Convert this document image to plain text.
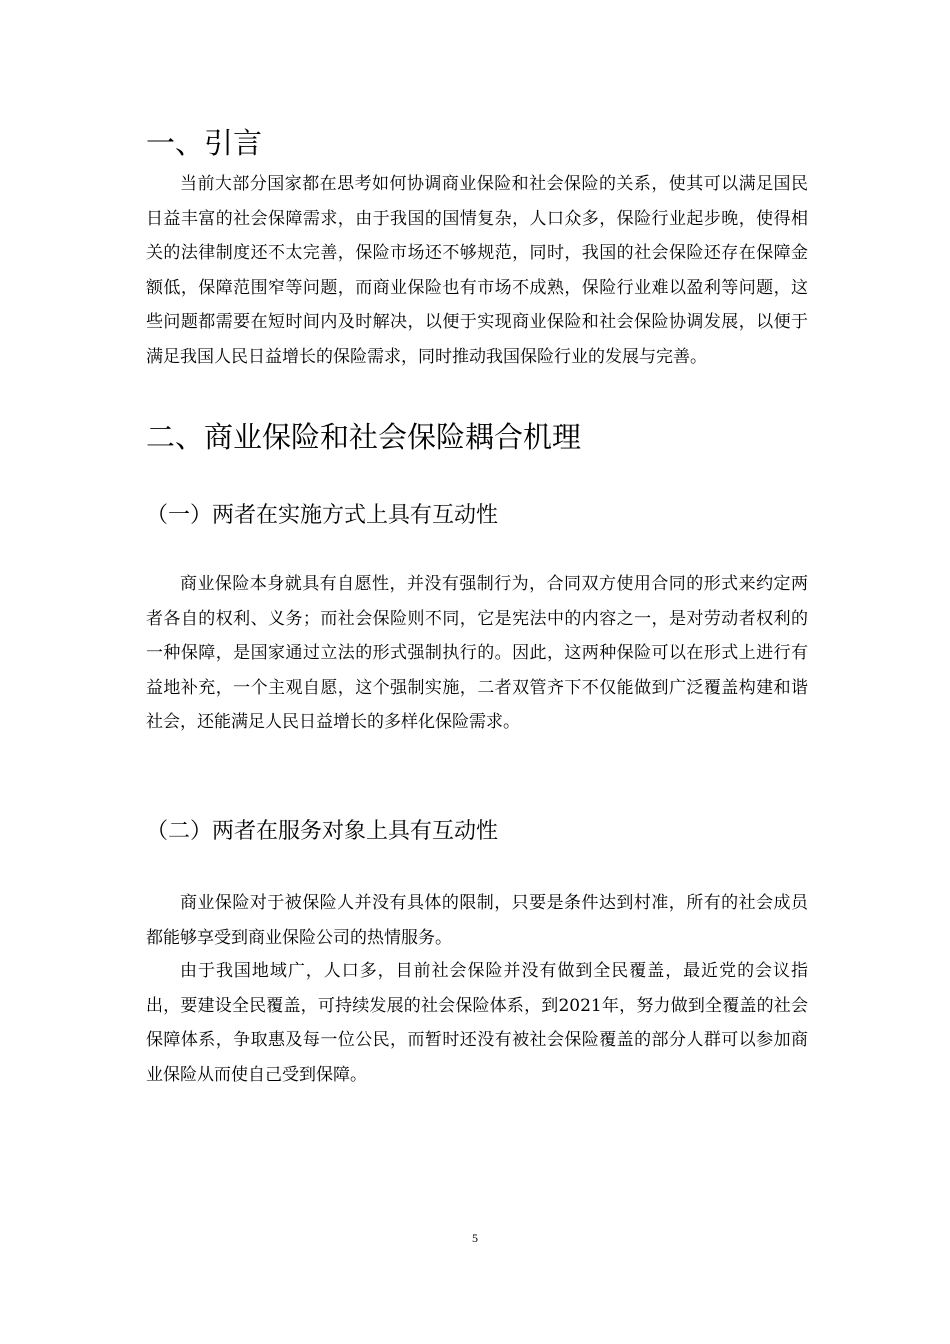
一、引言

当前大部分国家都在思考如何协调商业保险和社会保险的关系，使其可以满足国民日益丰富的社会保障需求，由于我国的国情复杂，人口众多，保险行业起步晚，使得相关的法律制度还不太完善，保险市场还不够规范，同时，我国的社会保险还存在保障金额低，保障范围窄等问题，而商业保险也有市场不成熟，保险行业难以盈利等问题，这些问题都需要在短时间内及时解决，以便于实现商业保险和社会保险协调发展，以便于满足我国人民日益增长的保险需求，同时推动我国保险行业的发展与完善。

二、商业保险和社会保险耦合机理
（一）两者在实施方式上具有互动性

商业保险本身就具有自愿性，并没有强制行为，合同双方使用合同的形式来约定两者各自的权利、义务；而社会保险则不同，它是宪法中的内容之一，是对劳动者权利的一种保障，是国家通过立法的形式强制执行的。因此，这两种保险可以在形式上进行有益地补充，一个主观自愿，这个强制实施，二者双管齐下不仅能做到广泛覆盖构建和谐社会，还能满足人民日益增长的多样化保险需求。

（二）两者在服务对象上具有互动性

商业保险对于被保险人并没有具体的限制，只要是条件达到村准，所有的社会成员都能够享受到商业保险公司的热情服务。

由于我国地域广，人口多，目前社会保险并没有做到全民覆盖，最近党的会议指出，要建设全民覆盖，可持续发展的社会保险体系，到2021年，努力做到全覆盖的社会保障体系，争取惠及每一位公民，而暂时还没有被社会保险覆盖的部分人群可以参加商业保险从而使自己受到保障。

5
